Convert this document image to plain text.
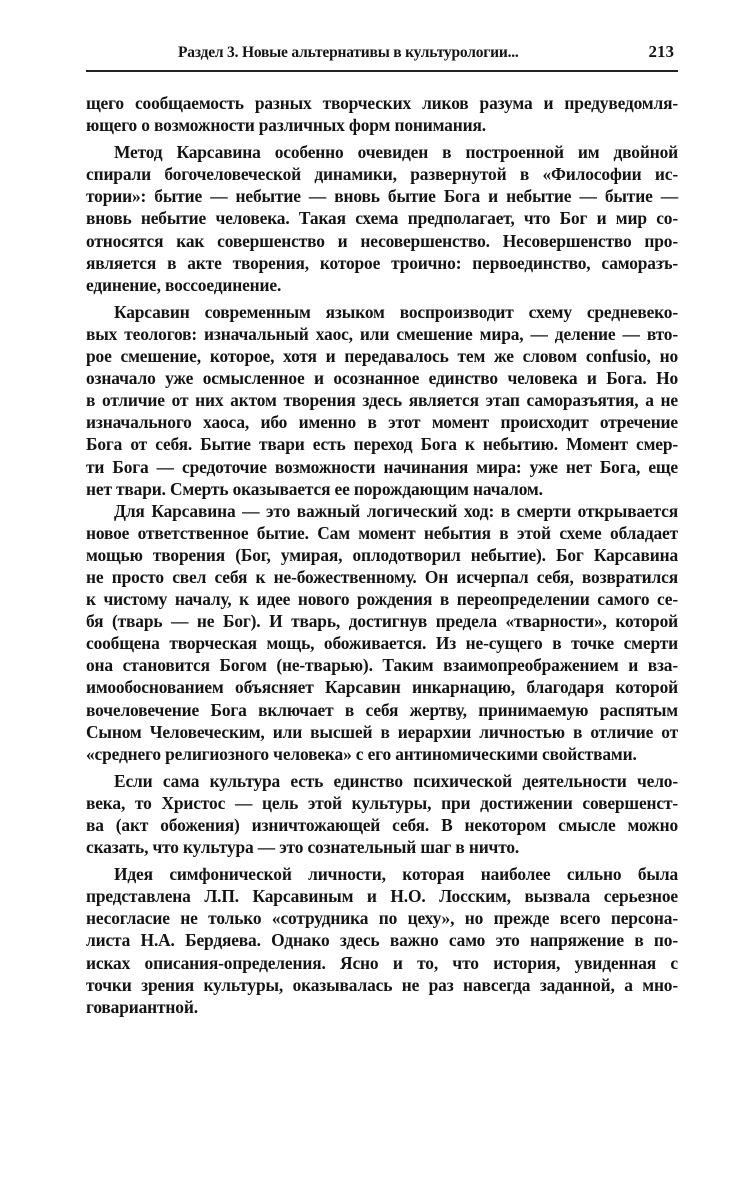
Раздел 3. Новые альтернативы в культурологии...	213
щего сообщаемость разных творческих ликов разума и предуведомля-
ющего о возможности различных форм понимания.
Метод Карсавина особенно очевиден в построенной им двойной
спирали богочеловеческой динамики, развернутой в «Философии ис-
тории»: бытие — небытие — вновь бытие Бога и небытие — бытие —
вновь небытие человека. Такая схема предполагает, что Бог и мир со-
относятся как совершенство и несовершенство. Несовершенство про-
является в акте творения, которое троично: первоединство, саморазъ-
единение, воссоединение.
Карсавин современным языком воспроизводит схему средневеко-
вых теологов: изначальный хаос, или смешение мира, — деление — вто-
рое смешение, которое, хотя и передавалось тем же словом confusio, но
означало уже осмысленное и осознанное единство человека и Бога. Но
в отличие от них актом творения здесь является этап саморазъятия, а не
изначального хаоса, ибо именно в этот момент происходит отречение
Бога от себя. Бытие твари есть переход Бога к небытию. Момент смер-
ти Бога — средоточие возможности начинания мира: уже нет Бога, еще
нет твари. Смерть оказывается ее порождающим началом.
Для Карсавина — это важный логический ход: в смерти открывается
новое ответственное бытие. Сам момент небытия в этой схеме обладает
мощью творения (Бог, умирая, оплодотворил небытие). Бог Карсавина
не просто свел себя к не-божественному. Он исчерпал себя, возвратился
к чистому началу, к идее нового рождения в переопределении самого се-
бя (тварь — не Бог). И тварь, достигнув предела «тварности», которой
сообщена творческая мощь, обоживается. Из не-сущего в точке смерти
она становится Богом (не-тварью). Таким взаимопреображением и вза-
имообоснованием объясняет Карсавин инкарнацию, благодаря которой
вочеловечение Бога включает в себя жертву, принимаемую распятым
Сыном Человеческим, или высшей в иерархии личностью в отличие от
«среднего религиозного человека» с его антиномическими свойствами.
Если сама культура есть единство психической деятельности чело-
века, то Христос — цель этой культуры, при достижении совершенст-
ва (акт обожения) изничтожающей себя. В некотором смысле можно
сказать, что культура — это сознательный шаг в ничто.
Идея симфонической личности, которая наиболее сильно была
представлена Л.П. Карсавиным и Н.О. Лосским, вызвала серьезное
несогласие не только «сотрудника по цеху», но прежде всего персона-
листа Н.А. Бердяева. Однако здесь важно само это напряжение в по-
исках описания-определения. Ясно и то, что история, увиденная с
точки зрения культуры, оказывалась не раз навсегда заданной, а мно-
говариантной.
